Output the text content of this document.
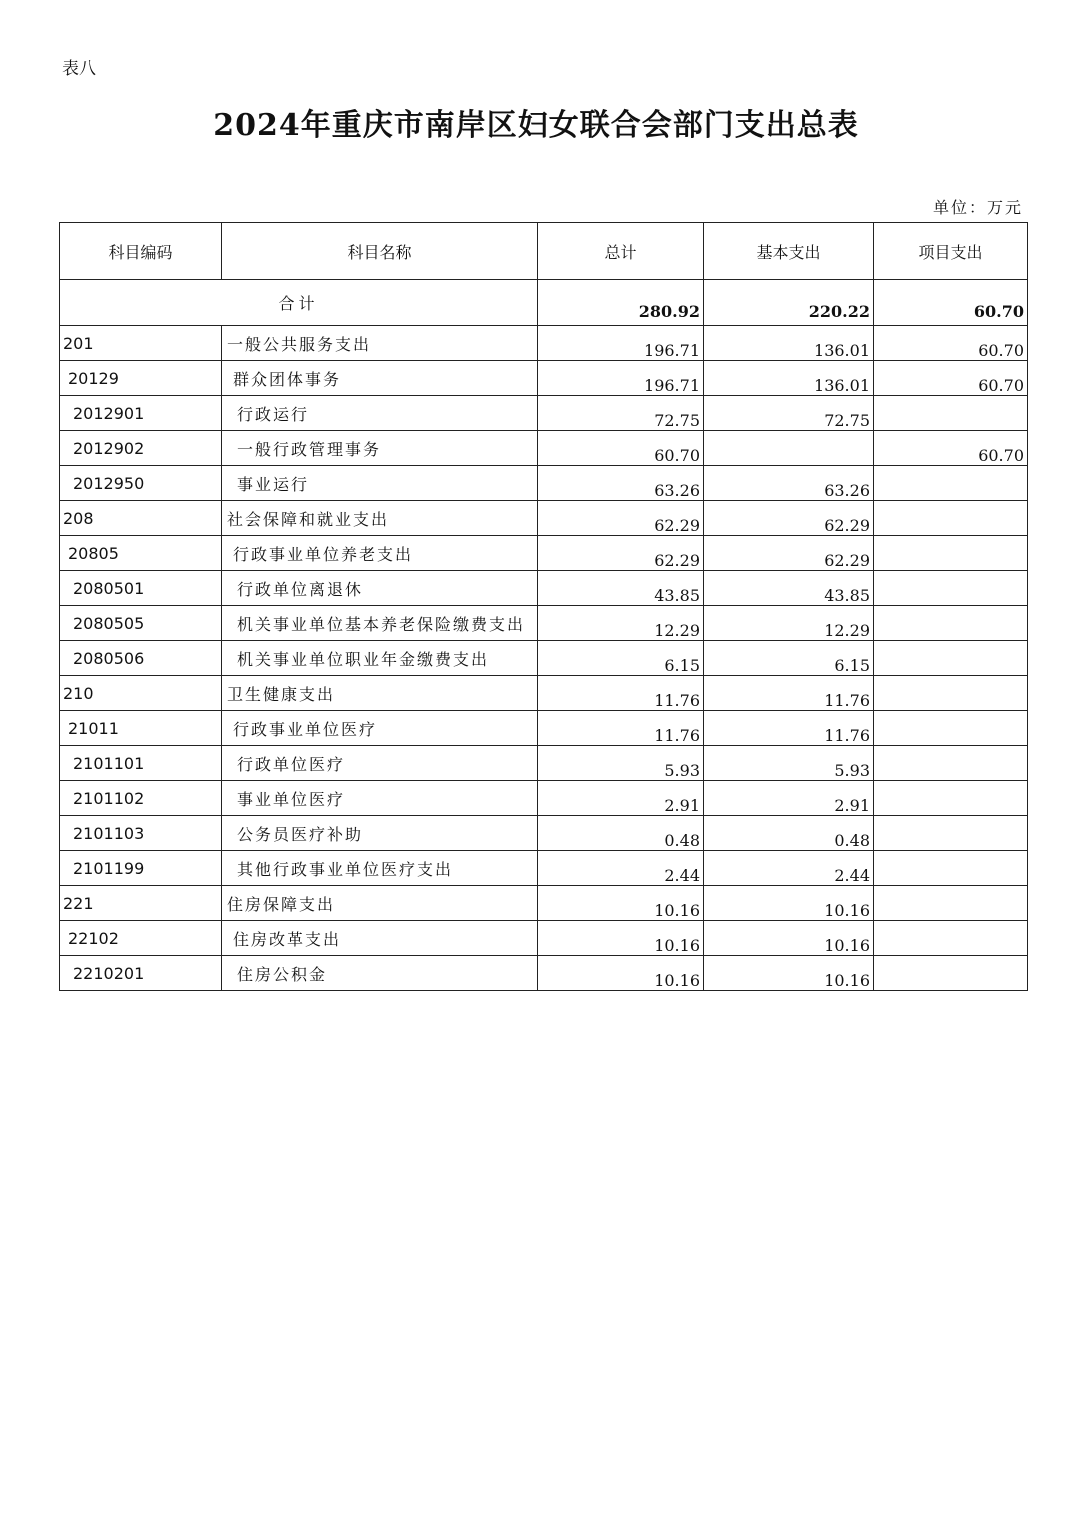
表八
2024年重庆市南岸区妇女联合会部门支出总表
单位：万元
科目编码	科目名称	总计	基本支出	项目支出
合计		280.92	220.22	60.70
201	一般公共服务支出	196.71	136.01	60.70
20129	群众团体事务	196.71	136.01	60.70
2012901	行政运行	72.75	72.75	
2012902	一般行政管理事务	60.70		60.70
2012950	事业运行	63.26	63.26	
208	社会保障和就业支出	62.29	62.29	
20805	行政事业单位养老支出	62.29	62.29	
2080501	行政单位离退休	43.85	43.85	
2080505	机关事业单位基本养老保险缴费支出	12.29	12.29	
2080506	机关事业单位职业年金缴费支出	6.15	6.15	
210	卫生健康支出	11.76	11.76	
21011	行政事业单位医疗	11.76	11.76	
2101101	行政单位医疗	5.93	5.93	
2101102	事业单位医疗	2.91	2.91	
2101103	公务员医疗补助	0.48	0.48	
2101199	其他行政事业单位医疗支出	2.44	2.44	
221	住房保障支出	10.16	10.16	
22102	住房改革支出	10.16	10.16	
2210201	住房公积金	10.16	10.16	
